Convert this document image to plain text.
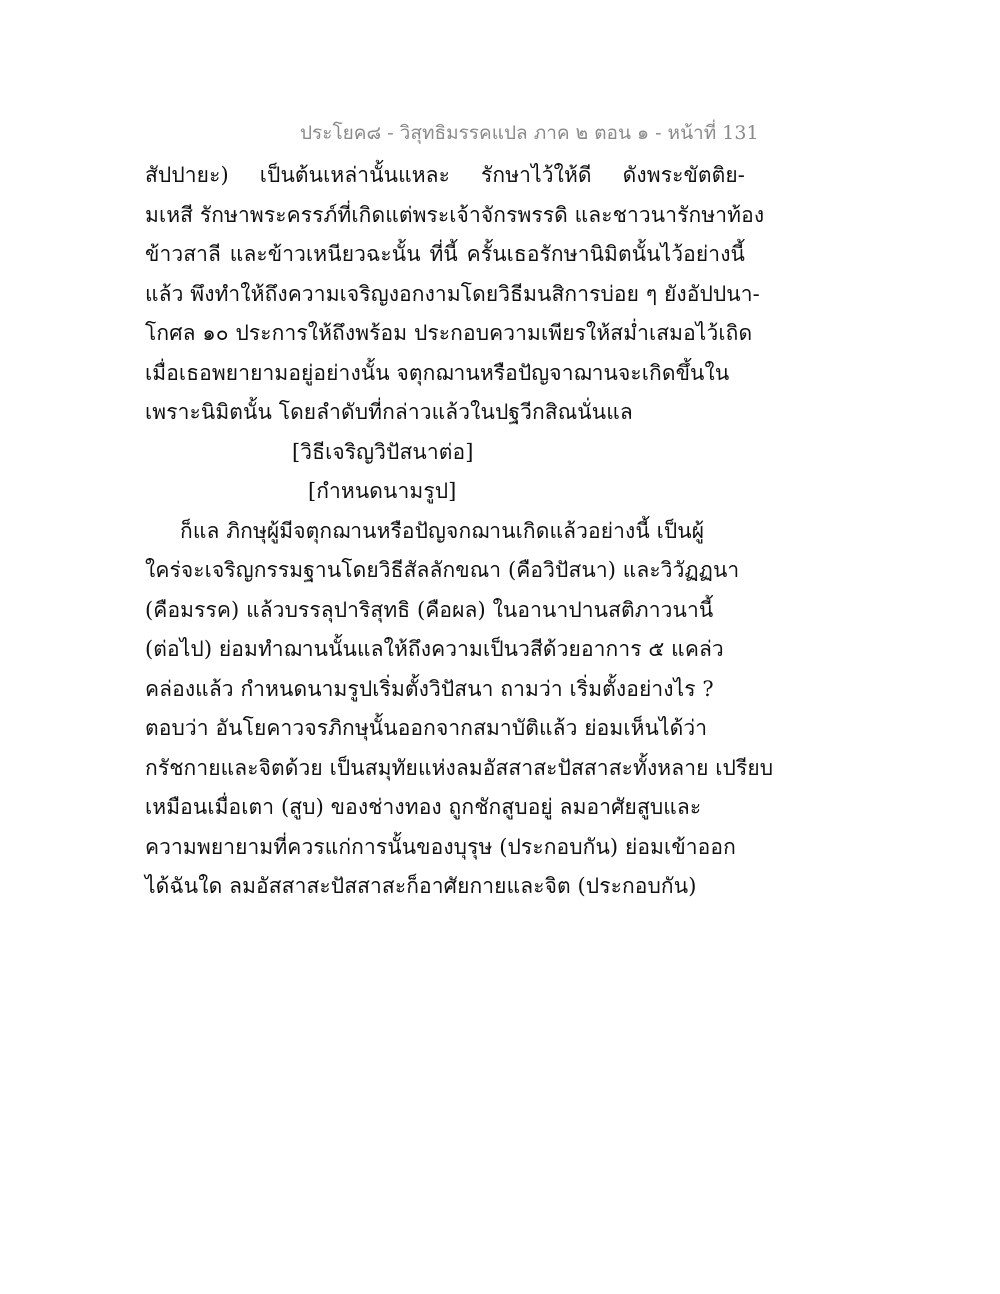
ประโยค๘ - วิสุทธิมรรคแปล ภาค ๒ ตอน ๑ - หน้าที่ 131
สัปปายะ) เป็นต้นเหล่านั้นแหละ รักษาไว้ให้ดี ดังพระขัตติย-
มเหสี รักษาพระครรภ์ที่เกิดแต่พระเจ้าจักรพรรดิ และชาวนารักษาท้อง
ข้าวสาลี และข้าวเหนียวฉะนั้น ที่นี้ ครั้นเธอรักษานิมิตนั้นไว้อย่างนี้
แล้ว พึงทำให้ถึงความเจริญงอกงามโดยวิธีมนสิการบ่อย ๆ ยังอัปปนา-
โกศล ๑๐ ประการให้ถึงพร้อม ประกอบความเพียรให้สม่ำเสมอไว้เถิด
เมื่อเธอพยายามอยู่อย่างนั้น จตุกฌานหรือปัญจาฌานจะเกิดขึ้นใน
เพราะนิมิตนั้น โดยลำดับที่กล่าวแล้วในปฐวีกสิณนั่นแล
[วิธีเจริญวิปัสนาต่อ]
[กำหนดนามรูป]
ก็แล ภิกษุผู้มีจตุกฌานหรือปัญจกฌานเกิดแล้วอย่างนี้ เป็นผู้
ใคร่จะเจริญกรรมฐานโดยวิธีสัลลักขณา (คือวิปัสนา) และวิวัฏฏนา
(คือมรรค) แล้วบรรลุปาริสุทธิ (คือผล) ในอานาปานสติภาวนานี้
(ต่อไป) ย่อมทำฌานนั้นแลให้ถึงความเป็นวสีด้วยอาการ ๕ แคล่ว
คล่องแล้ว กำหนดนามรูปเริ่มตั้งวิปัสนา ถามว่า เริ่มตั้งอย่างไร ?
ตอบว่า อันโยคาวจรภิกษุนั้นออกจากสมาบัติแล้ว ย่อมเห็นได้ว่า
กรัชกายและจิตด้วย เป็นสมุทัยแห่งลมอัสสาสะปัสสาสะทั้งหลาย เปรียบ
เหมือนเมื่อเตา (สูบ) ของช่างทอง ถูกชักสูบอยู่ ลมอาศัยสูบและ
ความพยายามที่ควรแก่การนั้นของบุรุษ (ประกอบกัน) ย่อมเข้าออก
ได้ฉันใด ลมอัสสาสะปัสสาสะก็อาศัยกายและจิต (ประกอบกัน)
